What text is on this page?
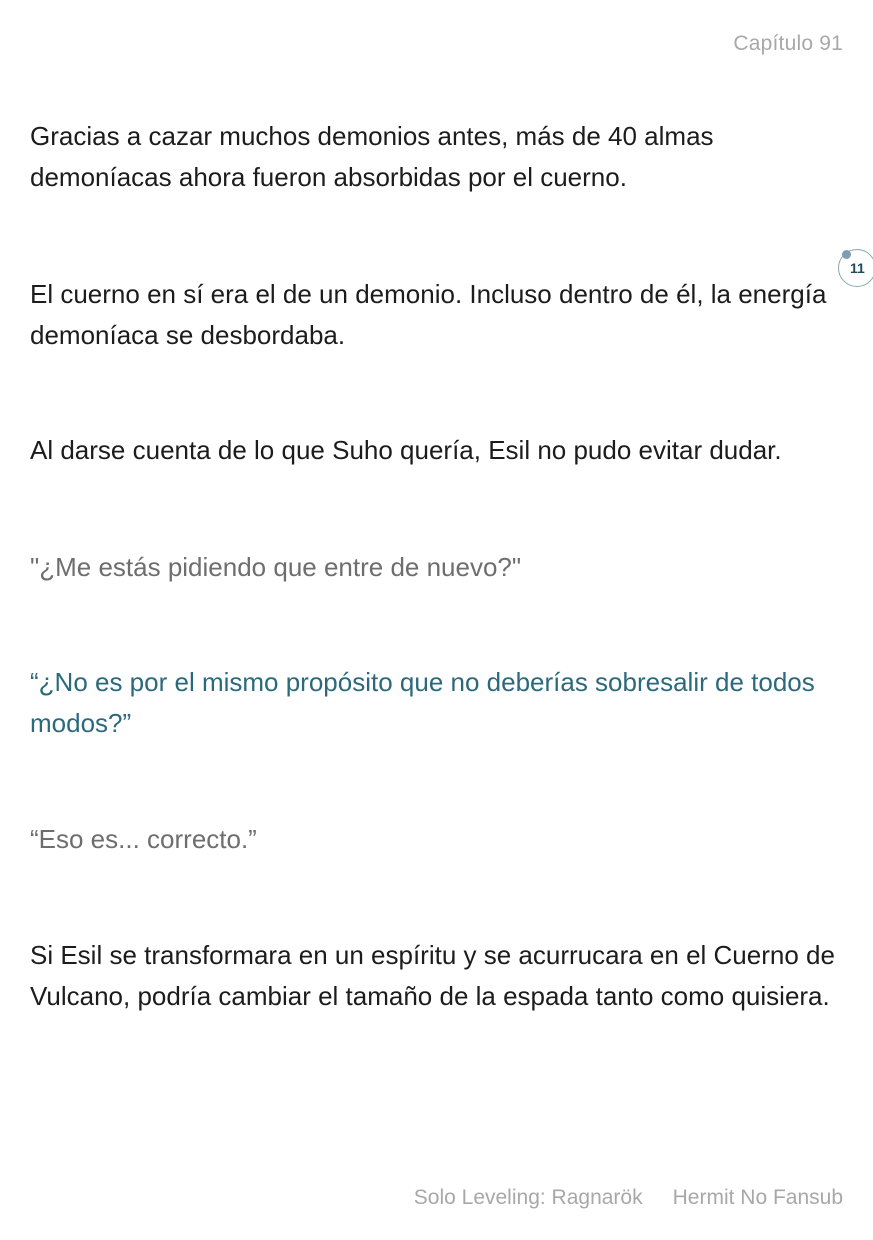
Capítulo 91

Gracias a cazar muchos demonios antes, más de 40 almas demoníacas ahora fueron absorbidas por el cuerno.

El cuerno en sí era el de un demonio. Incluso dentro de él, la energía demoníaca se desbordaba.

11

Al darse cuenta de lo que Suho quería, Esil no pudo evitar dudar.

"¿Me estás pidiendo que entre de nuevo?"

“¿No es por el mismo propósito que no deberías sobresalir de todos modos?”

“Eso es... correcto.”

Si Esil se transformara en un espíritu y se acurrucara en el Cuerno de Vulcano, podría cambiar el tamaño de la espada tanto como quisiera.

Solo Leveling: Ragnarök Hermit No Fansub
